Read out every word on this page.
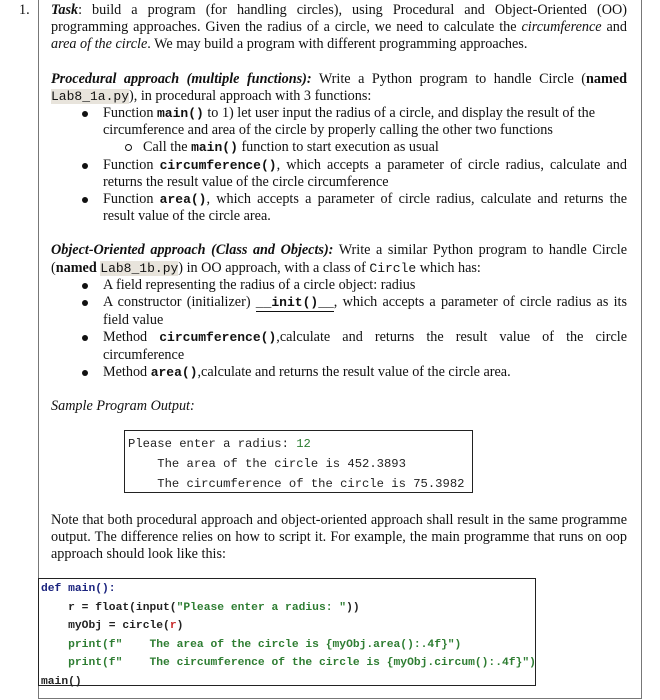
1. Task: build a program (for handling circles), using Procedural and Object-Oriented (OO) programming approaches. Given the radius of a circle, we need to calculate the circumference and area of the circle. We may build a program with different programming approaches.

Procedural approach (multiple functions): Write a Python program to handle Circle (named Lab8_1a.py), in procedural approach with 3 functions:

Function main() to 1) let user input the radius of a circle, and display the result of the circumference and area of the circle by properly calling the other two functions
Call the main() function to start execution as usual
Function circumference(), which accepts a parameter of circle radius, calculate and returns the result value of the circle circumference
Function area(), which accepts a parameter of circle radius, calculate and returns the result value of the circle area.

Object-Oriented approach (Class and Objects): Write a similar Python program to handle Circle (named Lab8_1b.py) in OO approach, with a class of Circle which has:

A field representing the radius of a circle object: radius
A constructor (initializer) __init()__, which accepts a parameter of circle radius as its field value
Method circumference(),calculate and returns the result value of the circle circumference
Method area(),calculate and returns the result value of the circle area.

Sample Program Output:

Please enter a radius: 12
The area of the circle is 452.3893
The circumference of the circle is 75.3982

Note that both procedural approach and object-oriented approach shall result in the same programme output. The difference relies on how to script it. For example, the main programme that runs on oop approach should look like this:

def main():
r = float(input("Please enter a radius: "))
myObj = circle(r)
print(f"    The area of the circle is {myObj.area():.4f}")
print(f"    The circumference of the circle is {myObj.circum():.4f}")
main()
